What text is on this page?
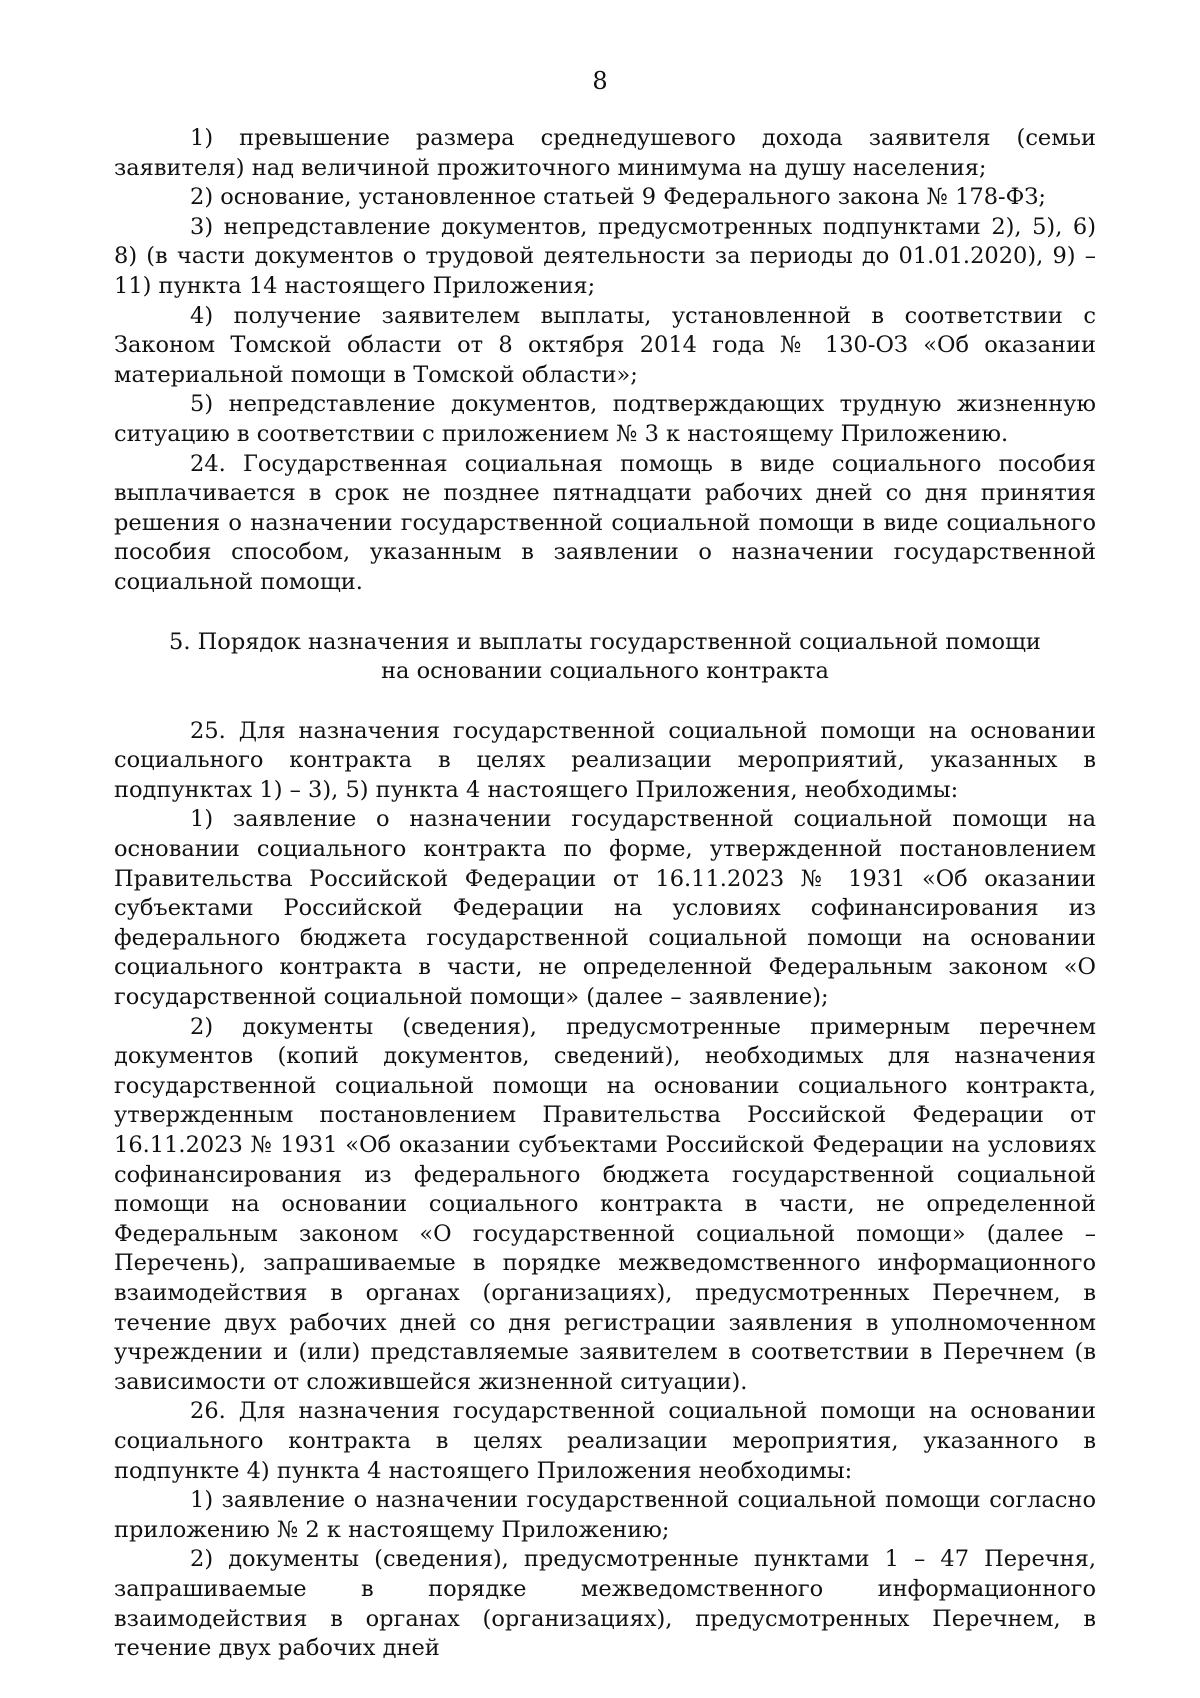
8

1) превышение размера среднедушевого дохода заявителя (семьи заявителя) над величиной прожиточного минимума на душу населения;

2) основание, установленное статьей 9 Федерального закона № 178-ФЗ;

3) непредставление документов, предусмотренных подпунктами 2), 5), 6) 8) (в части документов о трудовой деятельности за периоды до 01.01.2020), 9) – 11) пункта 14 настоящего Приложения;

4) получение заявителем выплаты, установленной в соответствии с Законом Томской области от 8 октября 2014 года № 130-ОЗ «Об оказании материальной помощи в Томской области»;

5) непредставление документов, подтверждающих трудную жизненную ситуацию в соответствии с приложением № 3 к настоящему Приложению.

24. Государственная социальная помощь в виде социального пособия выплачивается в срок не позднее пятнадцати рабочих дней со дня принятия решения о назначении государственной социальной помощи в виде социального пособия способом, указанным в заявлении о назначении государственной социальной помощи.

5. Порядок назначения и выплаты государственной социальной помощи

на основании социального контракта

25. Для назначения государственной социальной помощи на основании социального контракта в целях реализации мероприятий, указанных в подпунктах 1) – 3), 5) пункта 4 настоящего Приложения, необходимы:

1) заявление о назначении государственной социальной помощи на основании социального контракта по форме, утвержденной постановлением Правительства Российской Федерации от 16.11.2023 № 1931 «Об оказании субъектами Российской Федерации на условиях софинансирования из федерального бюджета государственной социальной помощи на основании социального контракта в части, не определенной Федеральным законом «О государственной социальной помощи» (далее – заявление);

2) документы (сведения), предусмотренные примерным перечнем документов (копий документов, сведений), необходимых для назначения государственной социальной помощи на основании социального контракта, утвержденным постановлением Правительства Российской Федерации от 16.11.2023 № 1931 «Об оказании субъектами Российской Федерации на условиях софинансирования из федерального бюджета государственной социальной помощи на основании социального контракта в части, не определенной Федеральным законом «О государственной социальной помощи» (далее – Перечень), запрашиваемые в порядке межведомственного информационного взаимодействия в органах (организациях), предусмотренных Перечнем, в течение двух рабочих дней со дня регистрации заявления в уполномоченном учреждении и (или) представляемые заявителем в соответствии в Перечнем (в зависимости от сложившейся жизненной ситуации).

26. Для назначения государственной социальной помощи на основании социального контракта в целях реализации мероприятия, указанного в подпункте 4) пункта 4 настоящего Приложения необходимы:

1) заявление о назначении государственной социальной помощи согласно приложению № 2 к настоящему Приложению;

2) документы (сведения), предусмотренные пунктами 1 – 47 Перечня, запрашиваемые в порядке межведомственного информационного взаимодействия в органах (организациях), предусмотренных Перечнем, в течение двух рабочих дней
